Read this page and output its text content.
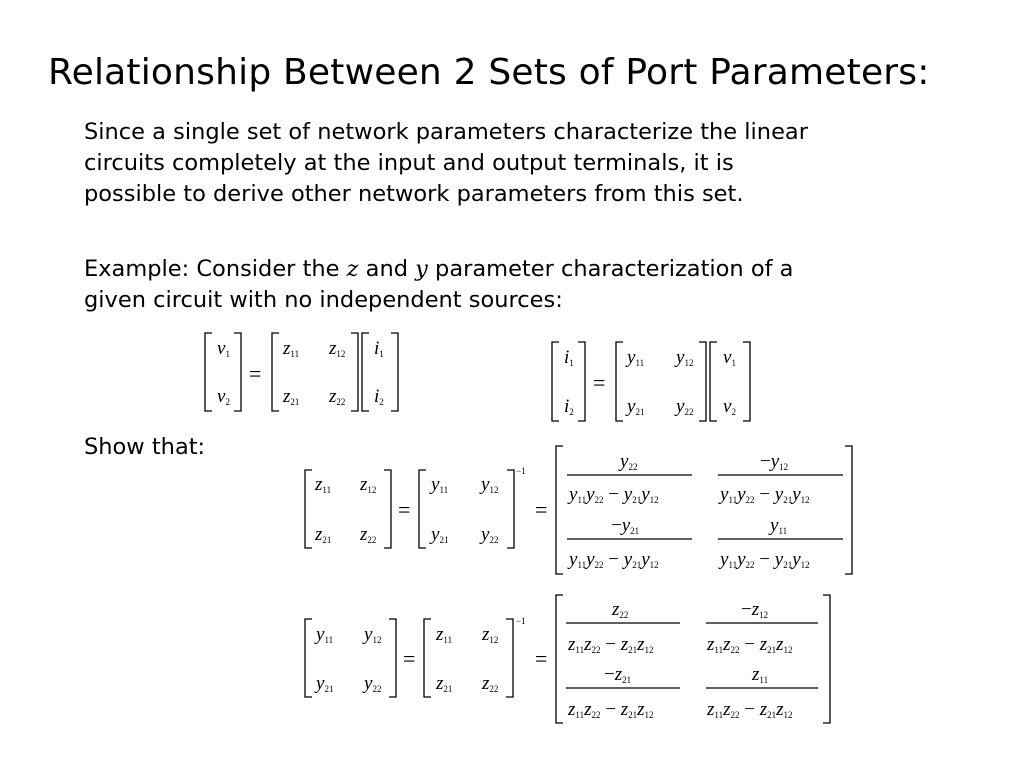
Relationship Between 2 Sets of Port Parameters:
Since a single set of network parameters characterize the linear
circuits completely at the input and output terminals, it is
possible to derive other network parameters from this set.
Example: Consider the z and y parameter characterization of a
given circuit with no independent sources:
Show that:
v1
v2
=
z11 z12
z21 z22
i1
i2
i1
i2
=
y11 y12
y21 y22
v1
v2
z11 z12
z21 z22
=
y11 y12
y21 y22
−1
=
y22	−y12
y11y22 − y21y12	y11y22 − y21y12
−y21	y11
y11y22 − y21y12	y11y22 − y21y12
y11 y12
y21 y22
=
z11 z12
z21 z22
−1
=
z22	−z12
z11z22 − z21z12	z11z22 − z21z12
−z21	z11
z11z22 − z21z12	z11z22 − z21z12
